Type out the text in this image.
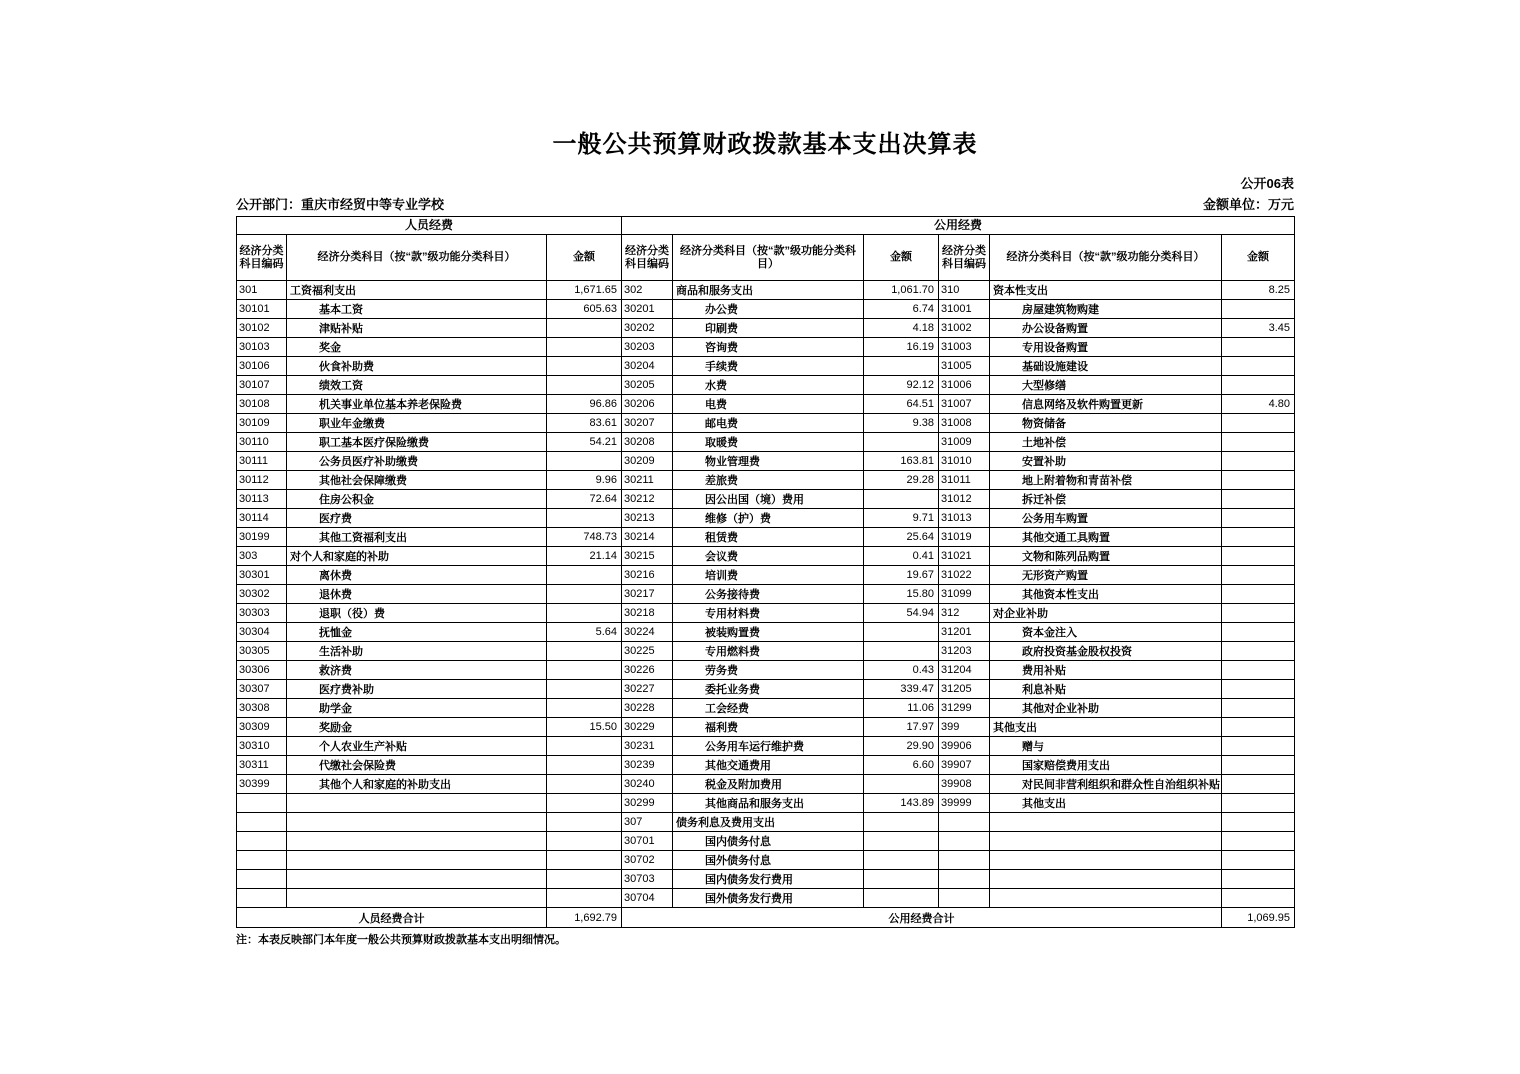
一般公共预算财政拨款基本支出决算表
公开06表
公开部门：重庆市经贸中等专业学校	金额单位：万元
人员经费			公用经费					
经济分类科目编码	经济分类科目（按“款”级功能分类科目）	金额	经济分类科目编码	经济分类科目（按“款”级功能分类科目）	金额	经济分类科目编码	经济分类科目（按“款”级功能分类科目）	金额
301	工资福利支出	1,671.65	302	商品和服务支出	1,061.70	310	资本性支出	8.25
30101	基本工资	605.63	30201	办公费	6.74	31001	房屋建筑物购建	
30102	津贴补贴		30202	印刷费	4.18	31002	办公设备购置	3.45
30103	奖金		30203	咨询费	16.19	31003	专用设备购置	
30106	伙食补助费		30204	手续费		31005	基础设施建设	
30107	绩效工资		30205	水费	92.12	31006	大型修缮	
30108	机关事业单位基本养老保险费	96.86	30206	电费	64.51	31007	信息网络及软件购置更新	4.80
30109	职业年金缴费	83.61	30207	邮电费	9.38	31008	物资储备	
30110	职工基本医疗保险缴费	54.21	30208	取暖费		31009	土地补偿	
30111	公务员医疗补助缴费		30209	物业管理费	163.81	31010	安置补助	
30112	其他社会保障缴费	9.96	30211	差旅费	29.28	31011	地上附着物和青苗补偿	
30113	住房公积金	72.64	30212	因公出国（境）费用		31012	拆迁补偿	
30114	医疗费		30213	维修（护）费	9.71	31013	公务用车购置	
30199	其他工资福利支出	748.73	30214	租赁费	25.64	31019	其他交通工具购置	
303	对个人和家庭的补助	21.14	30215	会议费	0.41	31021	文物和陈列品购置	
30301	离休费		30216	培训费	19.67	31022	无形资产购置	
30302	退休费		30217	公务接待费	15.80	31099	其他资本性支出	
30303	退职（役）费		30218	专用材料费	54.94	312	对企业补助	
30304	抚恤金	5.64	30224	被装购置费		31201	资本金注入	
30305	生活补助		30225	专用燃料费		31203	政府投资基金股权投资	
30306	救济费		30226	劳务费	0.43	31204	费用补贴	
30307	医疗费补助		30227	委托业务费	339.47	31205	利息补贴	
30308	助学金		30228	工会经费	11.06	31299	其他对企业补助	
30309	奖励金	15.50	30229	福利费	17.97	399	其他支出	
30310	个人农业生产补贴		30231	公务用车运行维护费	29.90	39906	赠与	
30311	代缴社会保险费		30239	其他交通费用	6.60	39907	国家赔偿费用支出	
30399	其他个人和家庭的补助支出		30240	税金及附加费用		39908	对民间非营利组织和群众性自治组织补贴	
			30299	其他商品和服务支出	143.89	39999	其他支出	
			307	债务利息及费用支出				
			30701	国内债务付息				
			30702	国外债务付息				
			30703	国内债务发行费用				
			30704	国外债务发行费用				
人员经费合计		1,692.79	公用经费合计					1,069.95
注：本表反映部门本年度一般公共预算财政拨款基本支出明细情况。
